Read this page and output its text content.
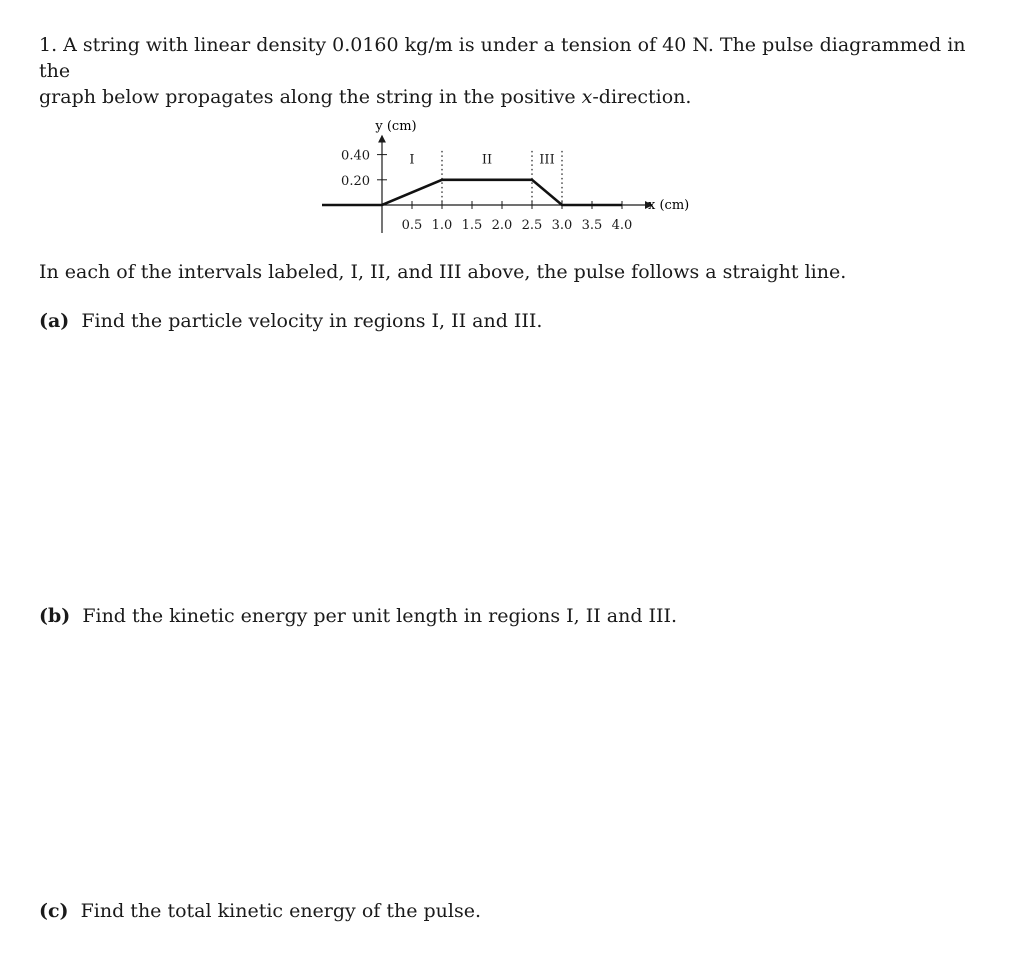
1. A string with linear density 0.0160 kg/m is under a tension of 40 N. The pulse diagrammed in the
graph below propagates along the string in the positive x-direction.
0.5 1.0 1.5 2.0 2.5 3.0 3.5 4.0
0.20
0.40	I	II	III
y (cm)
x (cm)
In each of the intervals labeled, I, II, and III above, the pulse follows a straight line.
(a) Find the particle velocity in regions I, II and III.
(b) Find the kinetic energy per unit length in regions I, II and III.
(c) Find the total kinetic energy of the pulse.
